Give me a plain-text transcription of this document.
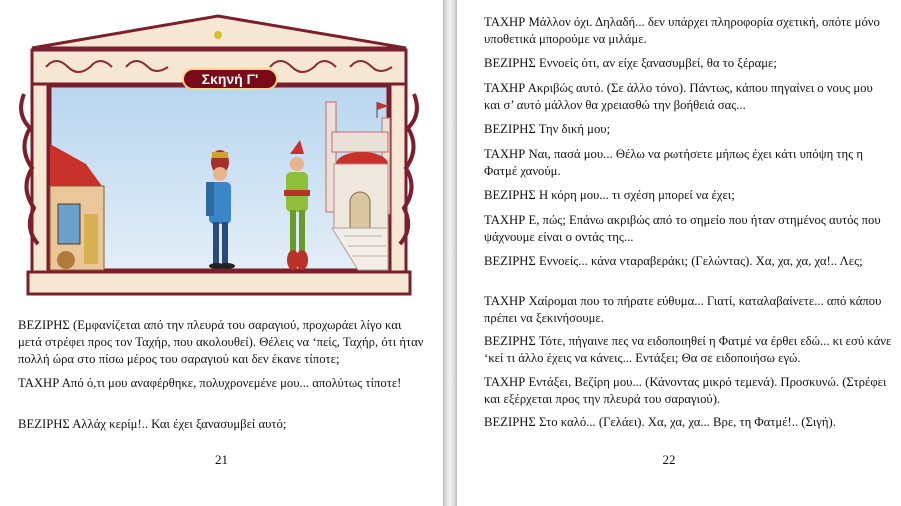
Σκηνή Γ'

ΒΕΖΙΡΗΣ (Εμφανίζεται από την πλευρά του σαραγιού, προχωράει λίγο και μετά στρέφει προς τον Ταχήρ, που ακολουθεί). Θέλεις να ‘πείς, Ταχήρ, ότι ήταν πολλή ώρα στο πίσω μέρος του σαραγιού και δεν έκανε τίποτε;

ΤΑΧΗΡ Από ό,τι μου αναφέρθηκε, πολυχρονεμένε μου... απολύτως τίποτε!

ΒΕΖΙΡΗΣ Αλλάχ κερίμ!.. Και έχει ξανασυμβεί αυτό;

21

ΤΑΧΗΡ Μάλλον όχι. Δηλαδή... δεν υπάρχει πληροφορία σχετική, οπότε μόνο υποθετικά μπορούμε να μιλάμε.

ΒΕΖΙΡΗΣ Εννοείς ότι, αν είχε ξανασυμβεί, θα το ξέραμε;

ΤΑΧΗΡ Ακριβώς αυτό. (Σε άλλο τόνο). Πάντως, κάπου πηγαίνει ο νους μου και σ’ αυτό μάλλον θα χρειασθώ την βοήθειά σας...

ΒΕΖΙΡΗΣ Την δική μου;

ΤΑΧΗΡ Ναι, πασά μου... Θέλω να ρωτήσετε μήπως έχει κάτι υπόψη της η Φατμέ χανούμ.

ΒΕΖΙΡΗΣ Η κόρη μου... τι σχέση μπορεί να έχει;

ΤΑΧΗΡ Ε, πώς; Επάνω ακριβώς από το σημείο που ήταν στημένος αυτός που ψάχνουμε είναι ο οντάς της...

ΒΕΖΙΡΗΣ Εννοείς... κάνα νταραβεράκι; (Γελώντας). Χα, χα, χα, χα!.. Λες;

ΤΑΧΗΡ Χαίρομαι που το πήρατε εύθυμα... Γιατί, καταλαβαίνετε... από κάπου πρέπει να ξεκινήσουμε.

ΒΕΖΙΡΗΣ Τότε, πήγαινε πες να ειδοποιηθεί η Φατμέ να έρθει εδώ... κι εσύ κάνε ‘κεί τι άλλο έχεις να κάνεις... Εντάξει; Θα σε ειδοποιήσω εγώ.

ΤΑΧΗΡ Εντάξει, Βεζίρη μου... (Κάνοντας μικρό τεμενά). Προσκυνώ. (Στρέφει και εξέρχεται προς την πλευρά του σαραγιού).

ΒΕΖΙΡΗΣ Στο καλό... (Γελάει). Χα, χα, χα... Βρε, τη Φατμέ!.. (Σιγή).

22
